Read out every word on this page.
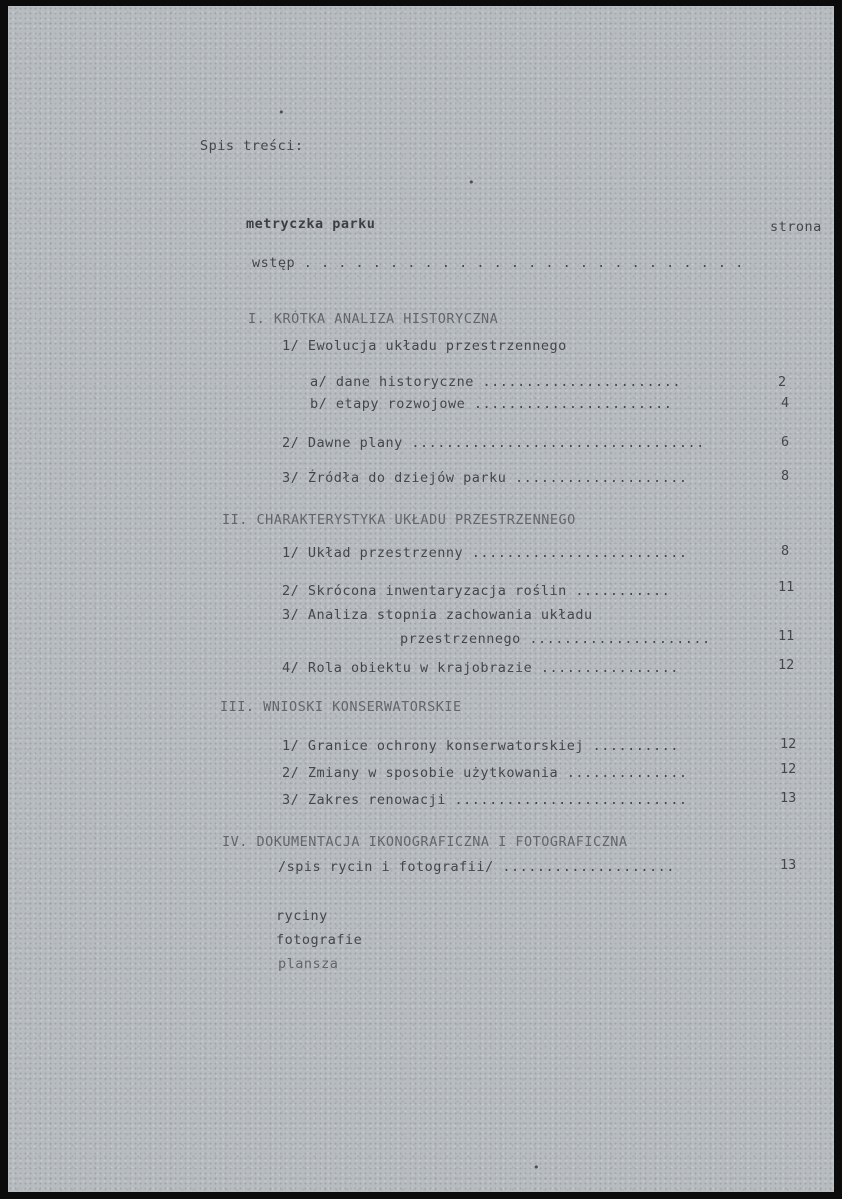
Spis treści:
metryczka parku	strona
wstęp . . . . . . . . . . . . . . . . . . . . . . . . . .
I. KRÓTKA ANALIZA HISTORYCZNA
1/ Ewolucja układu przestrzennego
a/ dane historyczne .......................	2
b/ etapy rozwojowe .......................	4
2/ Dawne plany ..................................	6
3/ Źródła do dziejów parku ....................	8
II. CHARAKTERYSTYKA UKŁADU PRZESTRZENNEGO
1/ Układ przestrzenny .........................	8
2/ Skrócona inwentaryzacja roślin ...........	11
3/ Analiza stopnia zachowania układu
przestrzennego .....................	11
4/ Rola obiektu w krajobrazie ................	12
III. WNIOSKI KONSERWATORSKIE
1/ Granice ochrony konserwatorskiej ..........	12
2/ Zmiany w sposobie użytkowania ..............	12
3/ Zakres renowacji ...........................	13
IV. DOKUMENTACJA IKONOGRAFICZNA I FOTOGRAFICZNA
/spis rycin i fotografii/ ....................	13
ryciny
fotografie
plansza
•
•
•
